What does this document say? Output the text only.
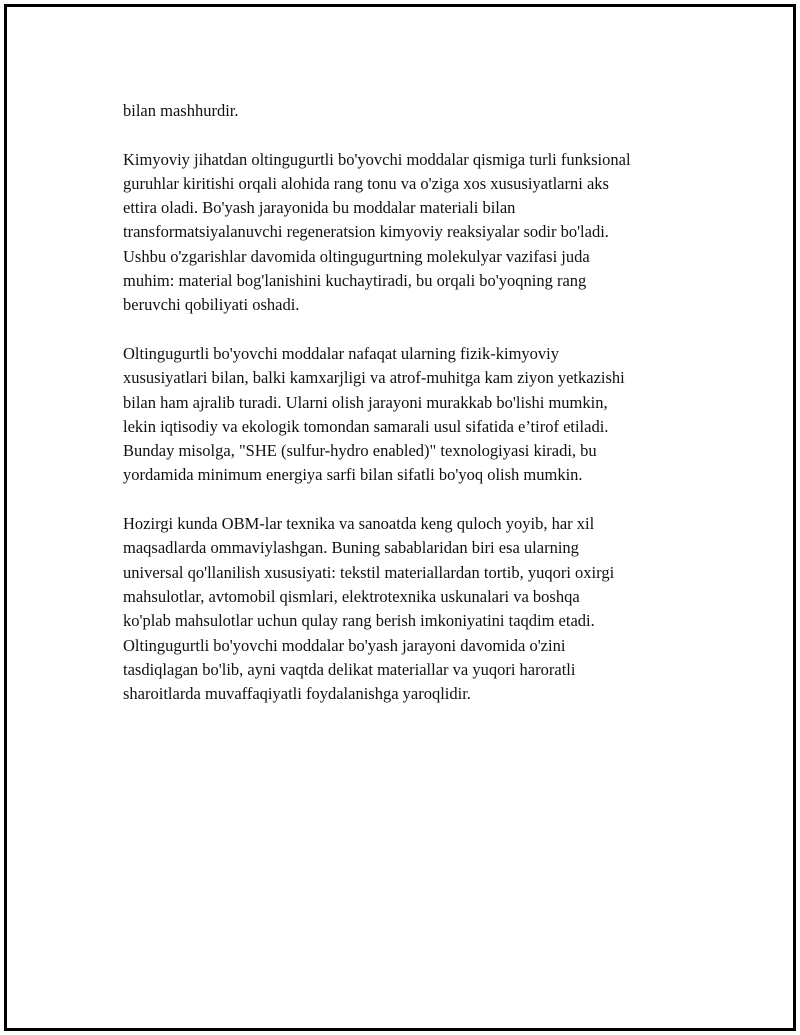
bilan mashhurdir.

Kimyoviy jihatdan oltingugurtli bo'yovchi moddalar qismiga turli funksional
guruhlar kiritishi orqali alohida rang tonu va o'ziga xos xususiyatlarni aks
ettira oladi. Bo'yash jarayonida bu moddalar materiali bilan
transformatsiyalanuvchi regeneratsion kimyoviy reaksiyalar sodir bo'ladi.
Ushbu o'zgarishlar davomida oltingugurtning molekulyar vazifasi juda
muhim: material bog'lanishini kuchaytiradi, bu orqali bo'yoqning rang
beruvchi qobiliyati oshadi.

Oltingugurtli bo'yovchi moddalar nafaqat ularning fizik-kimyoviy
xususiyatlari bilan, balki kamxarjligi va atrof-muhitga kam ziyon yetkazishi
bilan ham ajralib turadi. Ularni olish jarayoni murakkab bo'lishi mumkin,
lekin iqtisodiy va ekologik tomondan samarali usul sifatida e’tirof etiladi.
Bunday misolga, "SHE (sulfur-hydro enabled)" texnologiyasi kiradi, bu
yordamida minimum energiya sarfi bilan sifatli bo'yoq olish mumkin.

Hozirgi kunda OBM-lar texnika va sanoatda keng quloch yoyib, har xil
maqsadlarda ommaviylashgan. Buning sabablaridan biri esa ularning
universal qo'llanilish xususiyati: tekstil materiallardan tortib, yuqori oxirgi
mahsulotlar, avtomobil qismlari, elektrotexnika uskunalari va boshqa
ko'plab mahsulotlar uchun qulay rang berish imkoniyatini taqdim etadi.
Oltingugurtli bo'yovchi moddalar bo'yash jarayoni davomida o'zini
tasdiqlagan bo'lib, ayni vaqtda delikat materiallar va yuqori haroratli
sharoitlarda muvaffaqiyatli foydalanishga yaroqlidir.
